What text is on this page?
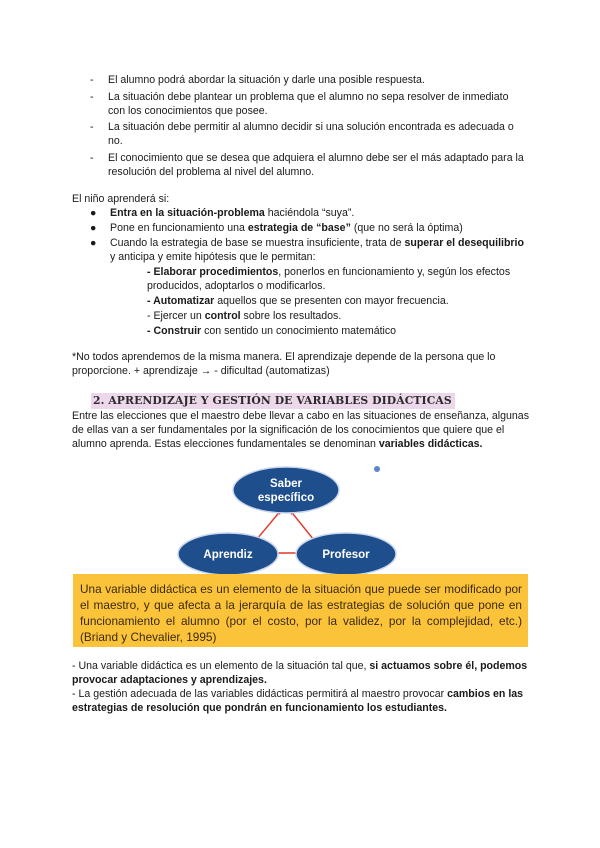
- El alumno podrá abordar la situación y darle una posible respuesta.
- La situación debe plantear un problema que el alumno no sepa resolver de inmediato con los conocimientos que posee.
- La situación debe permitir al alumno decidir si una solución encontrada es adecuada o no.
- El conocimiento que se desea que adquiera el alumno debe ser el más adaptado para la resolución del problema al nivel del alumno.

El niño aprenderá si:

● Entra en la situación-problema haciéndola “suya”.
● Pone en funcionamiento una estrategia de “base” (que no será la óptima)
● Cuando la estrategia de base se muestra insuficiente, trata de superar el desequilibrio y anticipa y emite hipótesis que le permitan:
- Elaborar procedimientos, ponerlos en funcionamiento y, según los efectos producidos, adoptarlos o modificarlos.
- Automatizar aquellos que se presenten con mayor frecuencia.
- Ejercer un control sobre los resultados.
- Construir con sentido un conocimiento matemático

*No todos aprendemos de la misma manera. El aprendizaje depende de la persona que lo proporcione. + aprendizaje → - dificultad (automatizas)

2. APRENDIZAJE Y GESTIÓN DE VARIABLES DIDÁCTICAS

Entre las elecciones que el maestro debe llevar a cabo en las situaciones de enseñanza, algunas de ellas van a ser fundamentales por la significación de los conocimientos que quiere que el alumno aprenda. Estas elecciones fundamentales se denominan variables didácticas.

Saber
específico
Aprendiz	Profesor

Una variable didáctica es un elemento de la situación que puede ser modificado por el maestro, y que afecta a la jerarquía de las estrategias de solución que pone en funcionamiento el alumno (por el costo, por la validez, por la complejidad, etc.) (Briand y Chevalier, 1995)

- Una variable didáctica es un elemento de la situación tal que, si actuamos sobre él, podemos provocar adaptaciones y aprendizajes.

- La gestión adecuada de las variables didácticas permitirá al maestro provocar cambios en las estrategias de resolución que pondrán en funcionamiento los estudiantes.
